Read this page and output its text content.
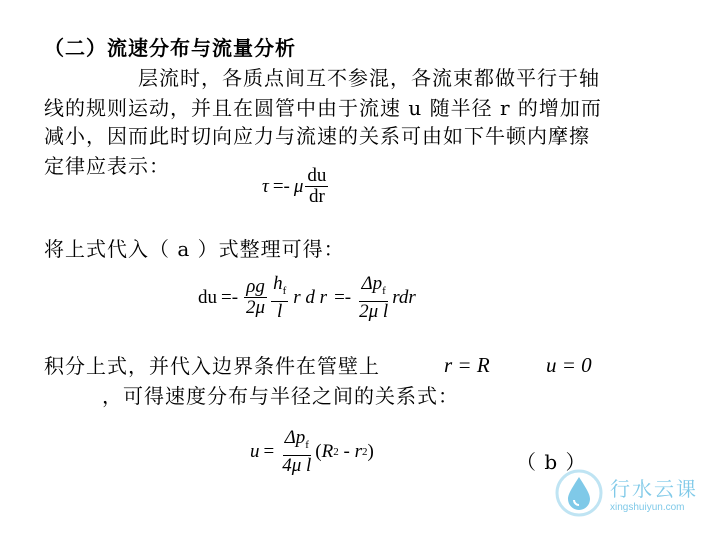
（二）流速分布与流量分析
层流时，各质点间互不参混，各流束都做平行于轴
线的规则运动，并且在圆管中由于流速 u 随半径 r 的增加而
减小，因而此时切向应力与流速的关系可由如下牛顿内摩擦
定律应表示：
τ =- μ $\frac{du}{dr}$
将上式代入（ a ）式整理可得：
du =- $\frac{\rho g}{2\mu} \frac{h_f}{l}$ r d $r =- \frac{\Delta p_f}{\text{2μ l}}$ rdr
积分上式，并代入边界条件在管壁上	r = R	u = 0
，可得速度分布与半径之间的关系式：
$u = \frac{\Delta p_f}{\text{4μ l}}$ ( R 2 - r 2 )	（ b ）
行水云课
xingshuiyun.com
